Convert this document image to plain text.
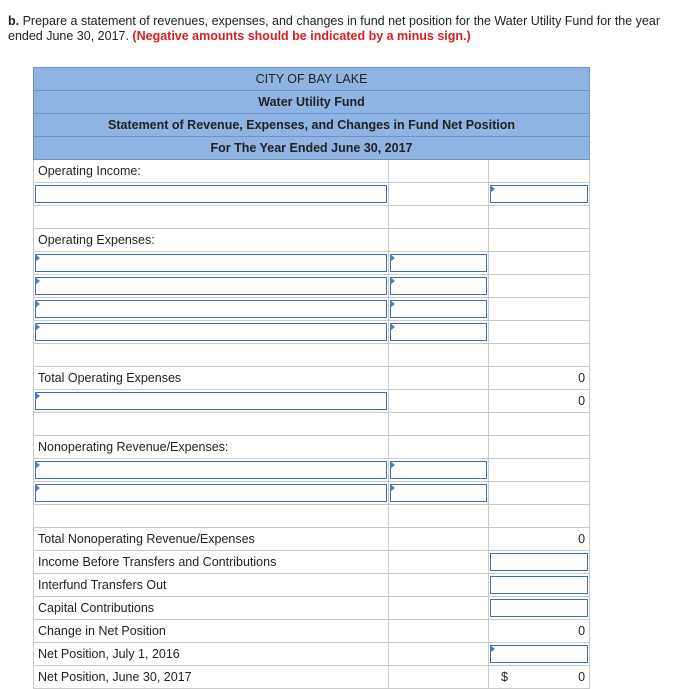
b. Prepare a statement of revenues, expenses, and changes in fund net position for the Water Utility Fund for the year ended June 30, 2017. (Negative amounts should be indicated by a minus sign.)
CITY OF BAY LAKE		
Water Utility Fund		
Statement of Revenue, Expenses, and Changes in Fund Net Position		
For The Year Ended June 30, 2017		
Operating Income:		

Operating Expenses:		

Total Operating Expenses		0

		0

Nonoperating Revenue/Expenses:		

Total Nonoperating Revenue/Expenses		0
Income Before Transfers and Contributions		

Interfund Transfers Out		

Capital Contributions		

Change in Net Position		0
Net Position, July 1, 2016		

Net Position, June 30, 2017		$ 0
